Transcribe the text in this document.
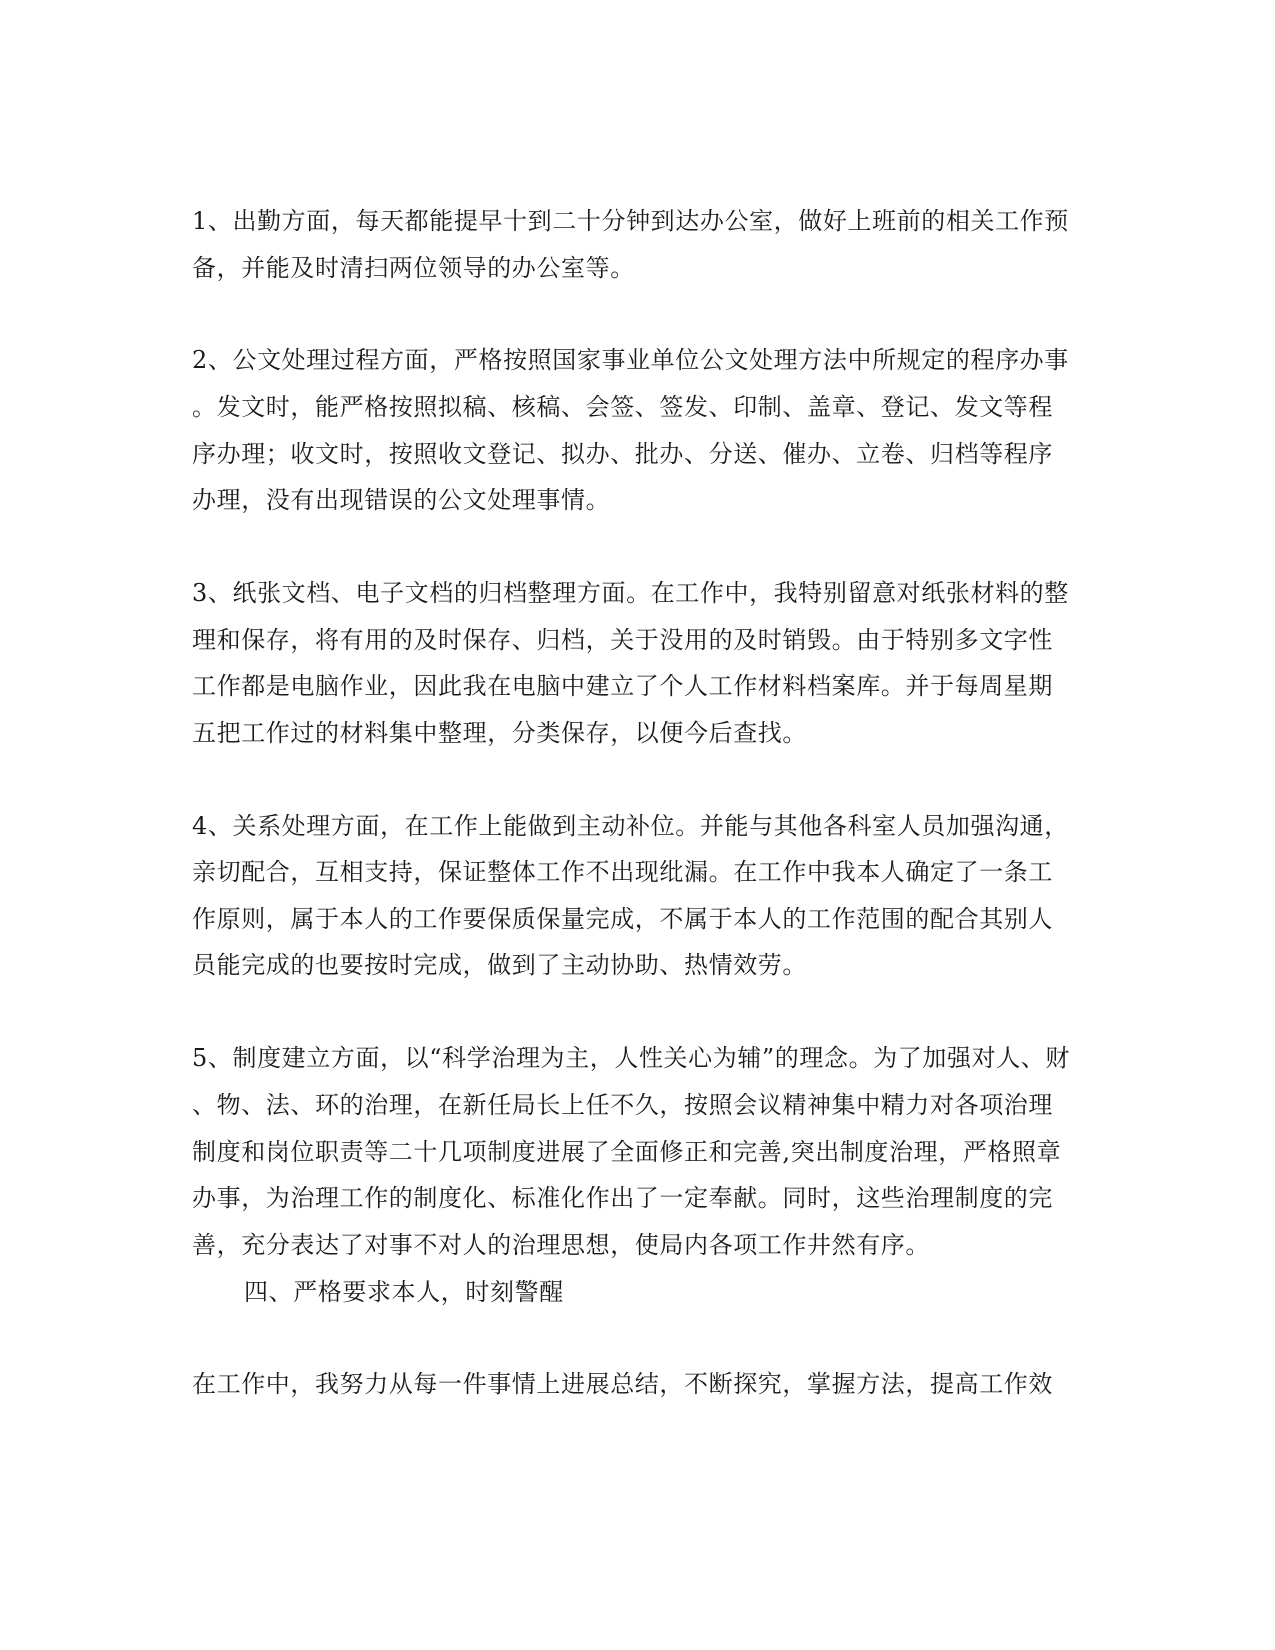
1、出勤方面，每天都能提早十到二十分钟到达办公室，做好上班前的相关工作预
备，并能及时清扫两位领导的办公室等。
2、公文处理过程方面，严格按照国家事业单位公文处理方法中所规定的程序办事
。发文时，能严格按照拟稿、核稿、会签、签发、印制、盖章、登记、发文等程
序办理；收文时，按照收文登记、拟办、批办、分送、催办、立卷、归档等程序
办理，没有出现错误的公文处理事情。
3、纸张文档、电子文档的归档整理方面。在工作中，我特别留意对纸张材料的整
理和保存，将有用的及时保存、归档，关于没用的及时销毁。由于特别多文字性
工作都是电脑作业，因此我在电脑中建立了个人工作材料档案库。并于每周星期
五把工作过的材料集中整理，分类保存，以便今后查找。
4、关系处理方面，在工作上能做到主动补位。并能与其他各科室人员加强沟通，
亲切配合，互相支持，保证整体工作不出现纰漏。在工作中我本人确定了一条工
作原则，属于本人的工作要保质保量完成，不属于本人的工作范围的配合其别人
员能完成的也要按时完成，做到了主动协助、热情效劳。
5、制度建立方面，以“科学治理为主，人性关心为辅”的理念。为了加强对人、财
、物、法、环的治理，在新任局长上任不久，按照会议精神集中精力对各项治理
制度和岗位职责等二十几项制度进展了全面修正和完善,突出制度治理，严格照章
办事，为治理工作的制度化、标准化作出了一定奉献。同时，这些治理制度的完
善，充分表达了对事不对人的治理思想，使局内各项工作井然有序。
四、严格要求本人，时刻警醒
在工作中，我努力从每一件事情上进展总结，不断探究，掌握方法，提高工作效
